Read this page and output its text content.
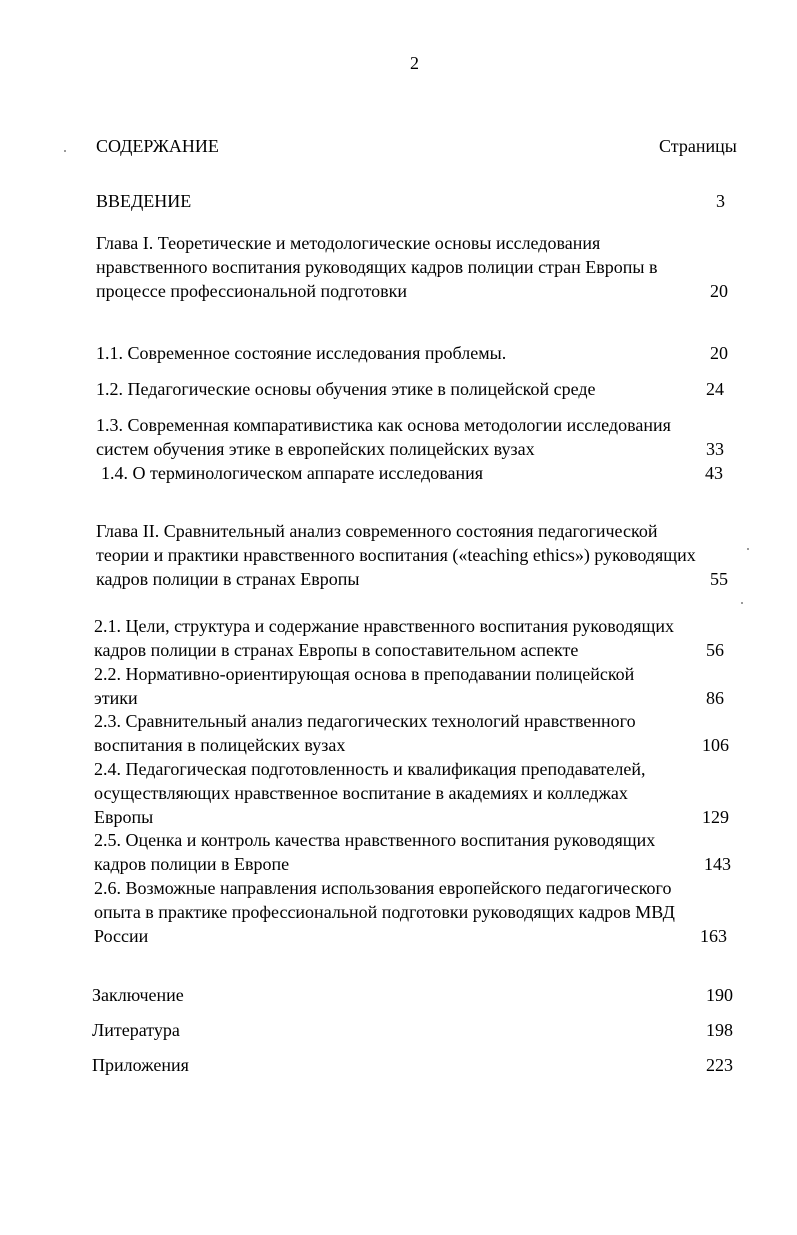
2
СОДЕРЖАНИЕ	Страницы
ВВЕДЕНИЕ	3
Глава I. Теоретические и методологические основы исследования
нравственного воспитания руководящих кадров полиции стран Европы в
процессе профессиональной подготовки	20
1.1. Современное состояние исследования проблемы.	20
1.2. Педагогические основы обучения этике в полицейской среде	24
1.3. Современная компаративистика как основа методологии исследования
систем обучения этике в европейских полицейских вузах	33
1.4. О терминологическом аппарате исследования	43
Глава II. Сравнительный анализ современного состояния педагогической
теории и практики нравственного воспитания («teaching ethics») руководящих
кадров полиции в странах Европы	55
2.1. Цели, структура и содержание нравственного воспитания руководящих
кадров полиции в странах Европы в сопоставительном аспекте	56
2.2. Нормативно-ориентирующая основа в преподавании полицейской
этики	86
2.3. Сравнительный анализ педагогических технологий нравственного
воспитания в полицейских вузах	106
2.4. Педагогическая подготовленность и квалификация преподавателей,
осуществляющих нравственное воспитание в академиях и колледжах
Европы	129
2.5. Оценка и контроль качества нравственного воспитания руководящих
кадров полиции в Европе	143
2.6. Возможные направления использования европейского педагогического
опыта в практике профессиональной подготовки руководящих кадров МВД
России	163
Заключение	190
Литература	198
Приложения	223
